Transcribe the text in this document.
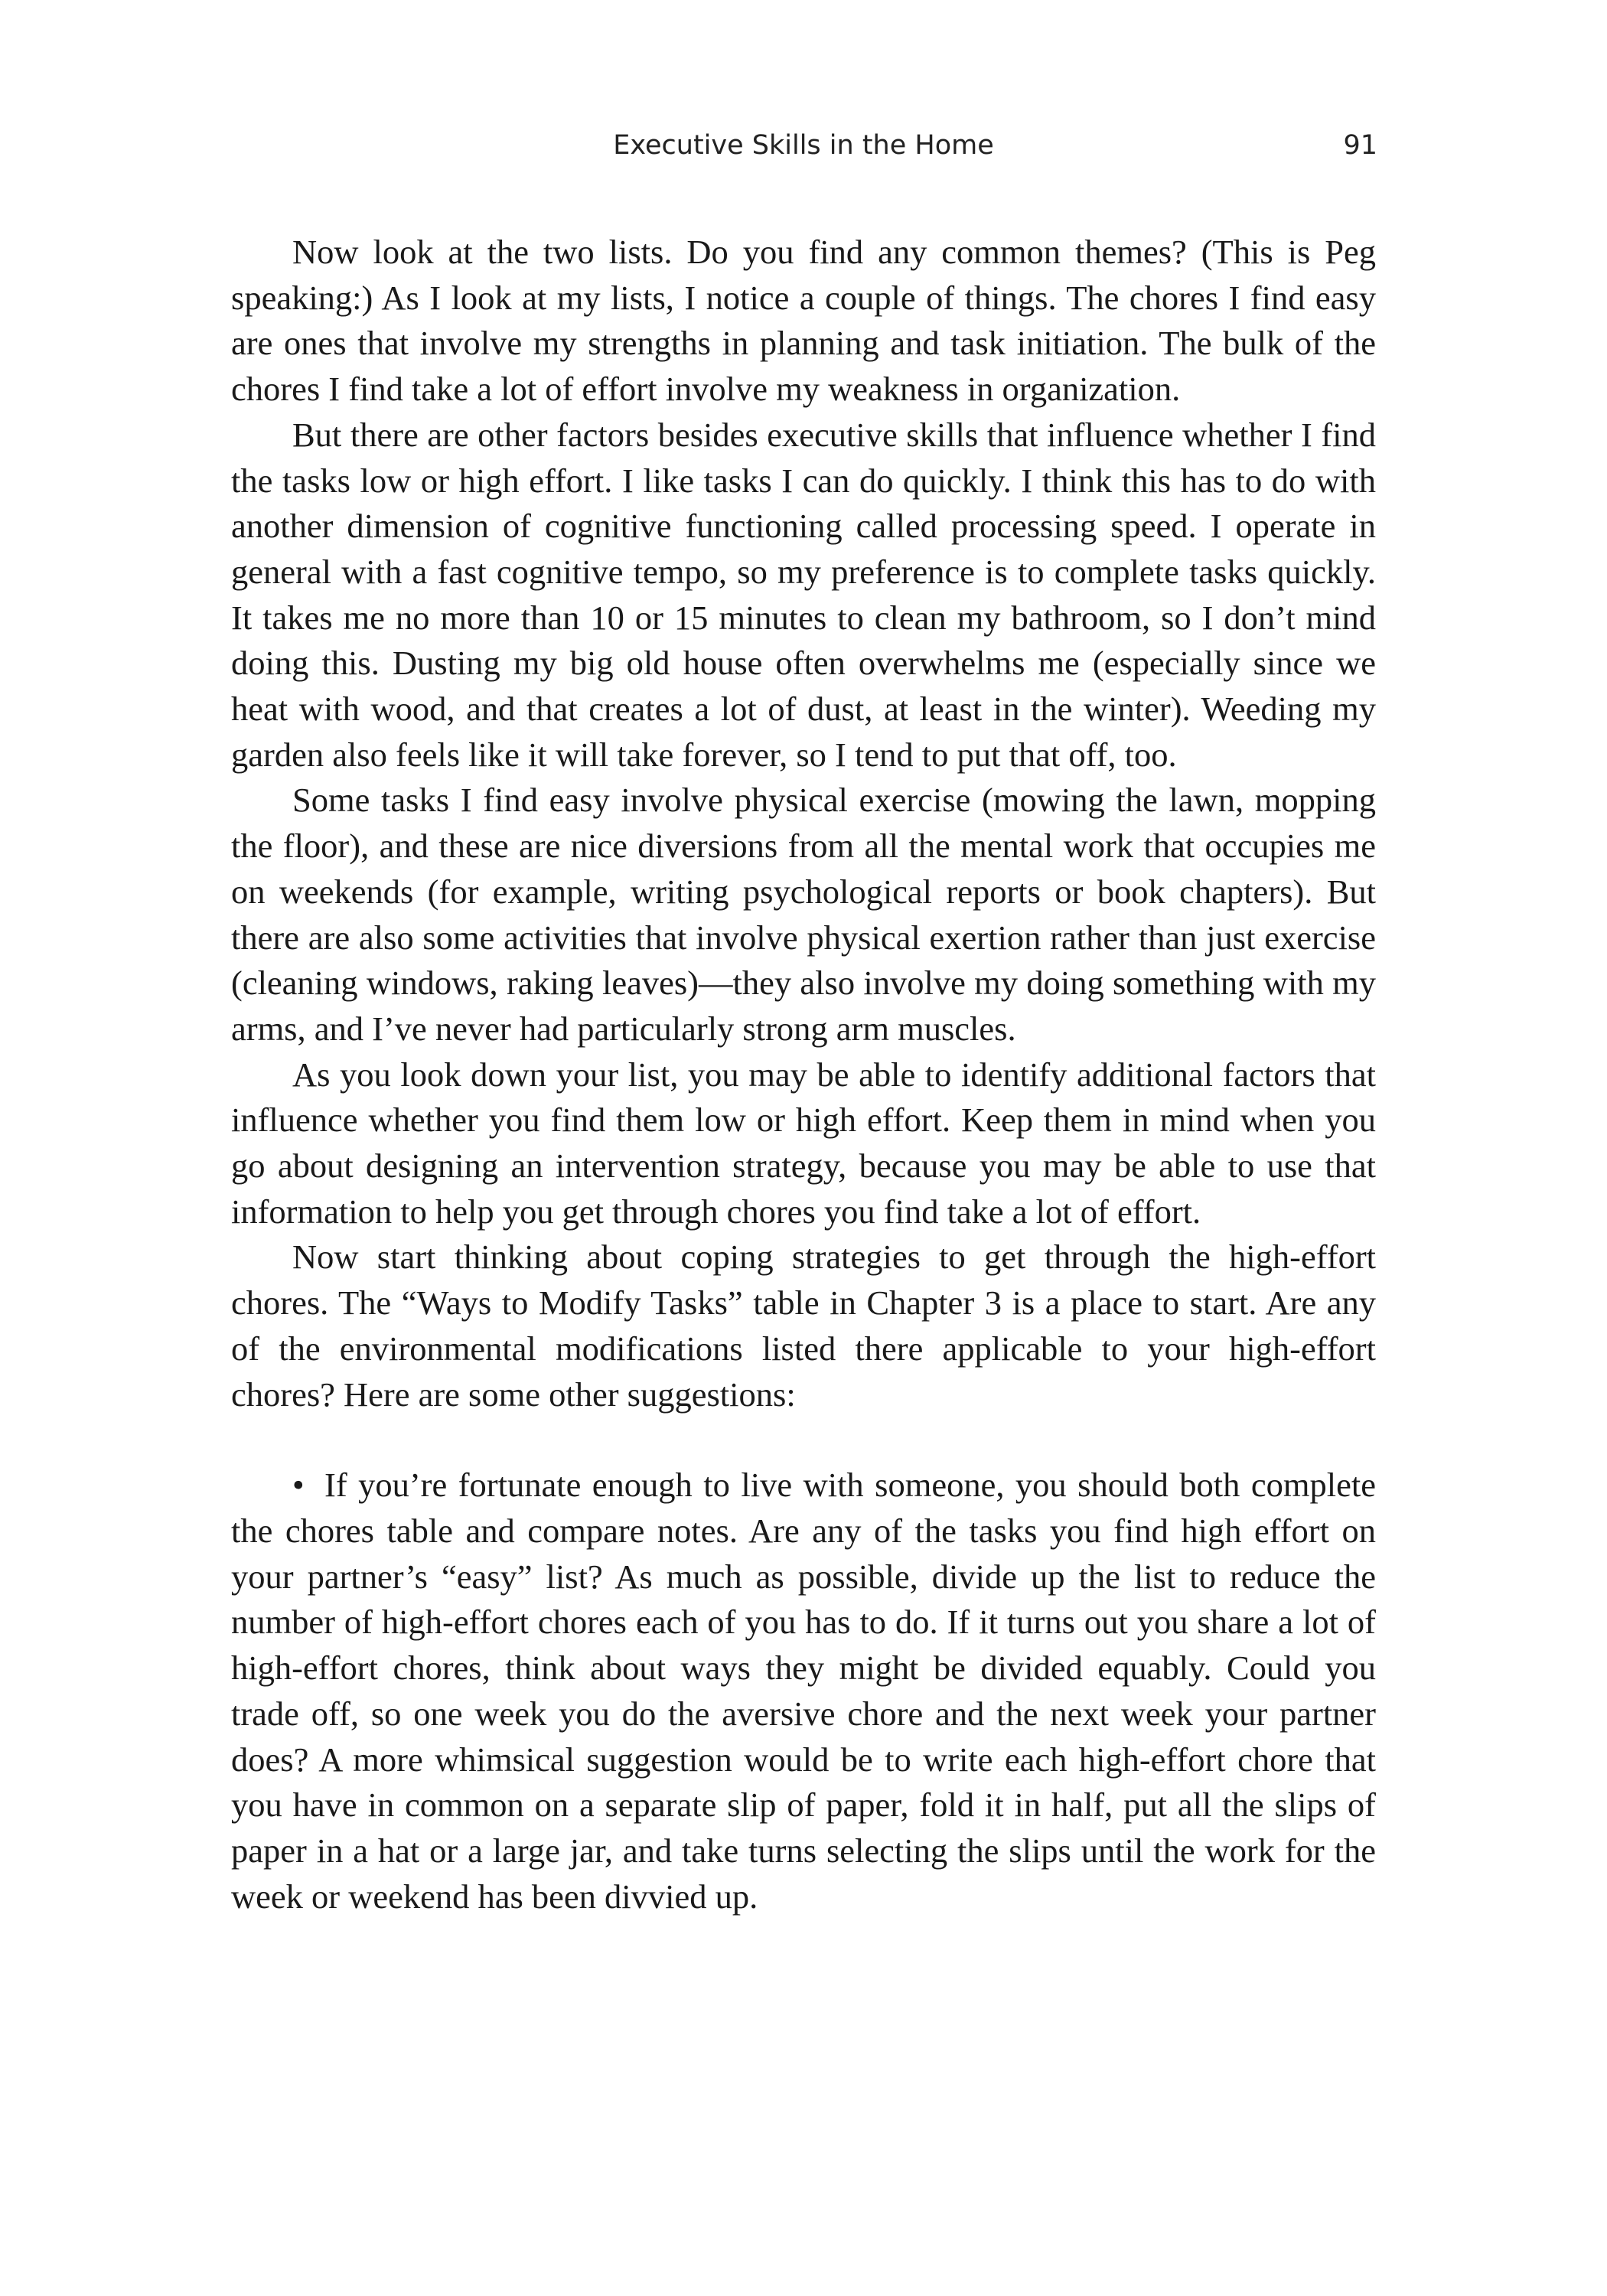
Executive Skills in the Home	91

Now look at the two lists. Do you find any common themes? (This is Peg speaking:) As I look at my lists, I notice a couple of things. The chores I find easy are ones that involve my strengths in planning and task initiation. The bulk of the chores I find take a lot of effort involve my weakness in organization.

But there are other factors besides executive skills that influence whether I find the tasks low or high effort. I like tasks I can do quickly. I think this has to do with another dimension of cognitive functioning called processing speed. I operate in general with a fast cognitive tempo, so my preference is to complete tasks quickly. It takes me no more than 10 or 15 minutes to clean my bathroom, so I don’t mind doing this. Dusting my big old house often overwhelms me (especially since we heat with wood, and that creates a lot of dust, at least in the winter). Weeding my garden also feels like it will take forever, so I tend to put that off, too.

Some tasks I find easy involve physical exercise (mowing the lawn, mopping the floor), and these are nice diversions from all the mental work that occupies me on weekends (for example, writing psychological reports or book chapters). But there are also some activities that involve physical exertion rather than just exercise (cleaning windows, raking leaves)—they also involve my doing something with my arms, and I’ve never had particularly strong arm muscles.

As you look down your list, you may be able to identify additional factors that influence whether you find them low or high effort. Keep them in mind when you go about designing an intervention strategy, because you may be able to use that information to help you get through chores you find take a lot of effort.

Now start thinking about coping strategies to get through the high-effort chores. The “Ways to Modify Tasks” table in Chapter 3 is a place to start. Are any of the environmental modifications listed there applicable to your high-effort chores? Here are some other suggestions:

• If you’re fortunate enough to live with someone, you should both complete the chores table and compare notes. Are any of the tasks you find high effort on your partner’s “easy” list? As much as possible, divide up the list to reduce the number of high-effort chores each of you has to do. If it turns out you share a lot of high-effort chores, think about ways they might be divided equably. Could you trade off, so one week you do the aversive chore and the next week your partner does? A more whimsical suggestion would be to write each high-effort chore that you have in common on a separate slip of paper, fold it in half, put all the slips of paper in a hat or a large jar, and take turns selecting the slips until the work for the week or weekend has been divvied up.
